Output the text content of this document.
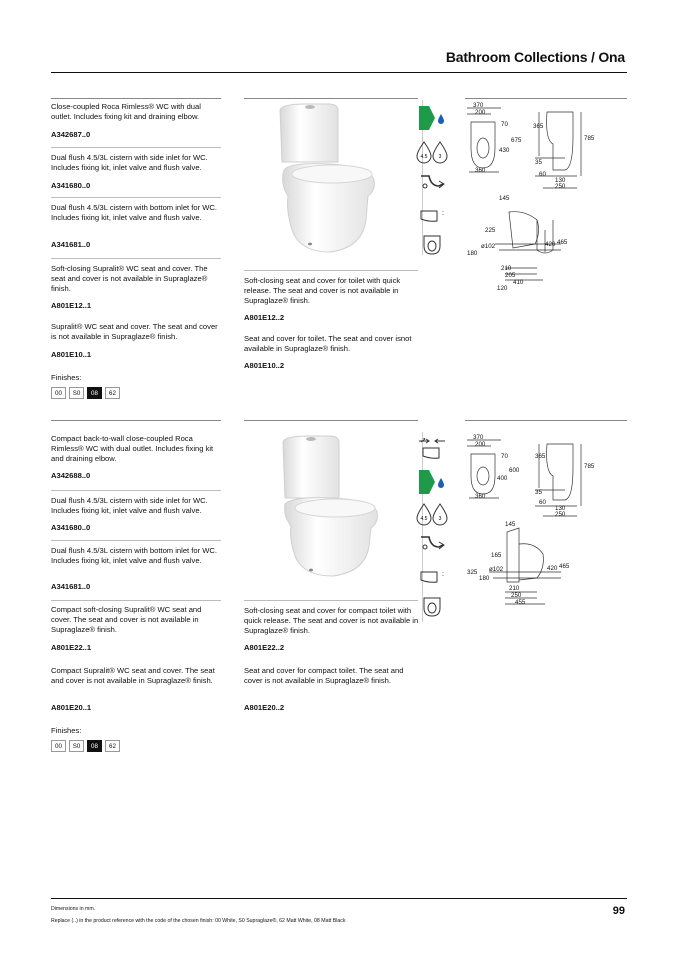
Bathroom Collections / Ona
Close-coupled Roca Rimless® WC with dual outlet. Includes fixing kit and draining elbow.
A342687..0
Dual flush 4.5/3L cistern with side inlet for WC. Includes fixing kit, inlet valve and flush valve.
A341680..0
Dual flush 4.5/3L cistern with bottom inlet for WC. Includes fixing kit, inlet valve and flush valve.
A341681..0
Soft-closing Supralit® WC seat and cover. The seat and cover is not available in Supraglaze® finish.
A801E12..1
Supralit® WC seat and cover. The seat and cover is not available in Supraglaze® finish.
A801E10..1
Finishes:
00	S0	08	62
Soft-closing seat and cover for toilet with quick release. The seat and cover is not available in Supraglaze® finish.
A801E12..2
Seat and cover for toilet. The seat and cover isnot available in Supraglaze® finish.
A801E10..2
4.5 3
:
370
200
70
675
430
360
365
785
35
60
130
250
145
225
ø102
180
420 465
210
205
410
120
Compact back-to-wall close-coupled Roca Rimless® WC with dual outlet. Includes fixing kit and draining elbow.
A342688..0
Dual flush 4.5/3L cistern with side inlet for WC. Includes fixing kit, inlet valve and flush valve.
A341680..0
Dual flush 4.5/3L cistern with bottom inlet for WC. Includes fixing kit, inlet valve and flush valve.
A341681..0
Compact soft-closing Supralit® WC seat and cover. The seat and cover is not available in Supraglaze® finish.
A801E22..1
Compact Supralit® WC seat and cover. The seat and cover is not available in Supraglaze® finish.
A801E20..1
Finishes:
00	S0	08	62
Soft-closing seat and cover for compact toilet with quick release. The seat and cover is not available in Supraglaze® finish.
A801E22..2
Seat and cover for compact toilet. The seat and cover is not available in Supraglaze® finish.
A801E20..2
4.5 3
:
370
200
70
600
400
360
365
785
35
60
130
250
145
165
325 ø102
180
420 465
210
250
455
Dimensions in mm.
Replace (..) in the product reference with the code of the chosen finish: 00 White, S0 Supraglaze®, 62 Matt White, 08 Matt Black
99
